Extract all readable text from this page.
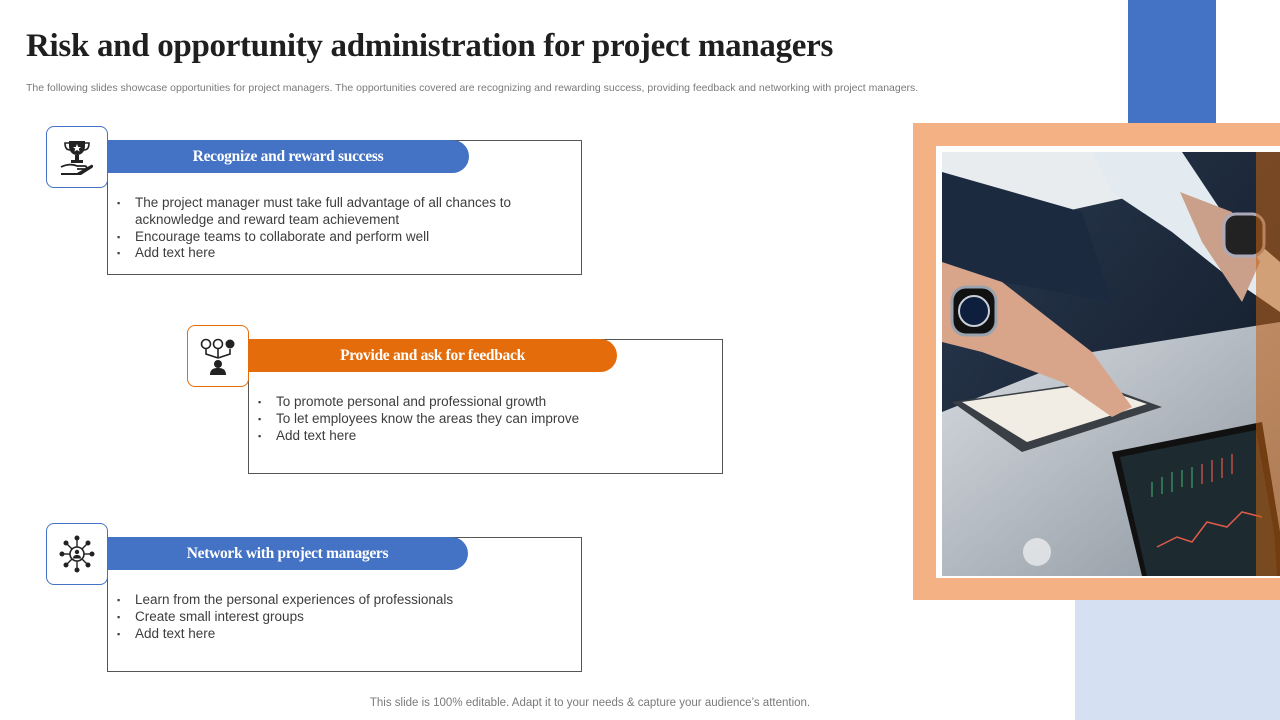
Risk and opportunity administration for project managers

The following slides showcase opportunities for project managers. The opportunities covered are recognizing and rewarding success, providing feedback and networking with project managers.

▪ The project manager must take full advantage of all chances to
acknowledge and reward team achievement
▪ Encourage teams to collaborate and perform well
▪ Add text here
Recognize and reward success
▪ To promote personal and professional growth
▪ To let employees know the areas they can improve
▪ Add text here
Provide and ask for feedback
▪ Learn from the personal experiences of professionals
▪ Create small interest groups
▪ Add text here
Network with project managers
This slide is 100% editable. Adapt it to your needs & capture your audience’s attention.
